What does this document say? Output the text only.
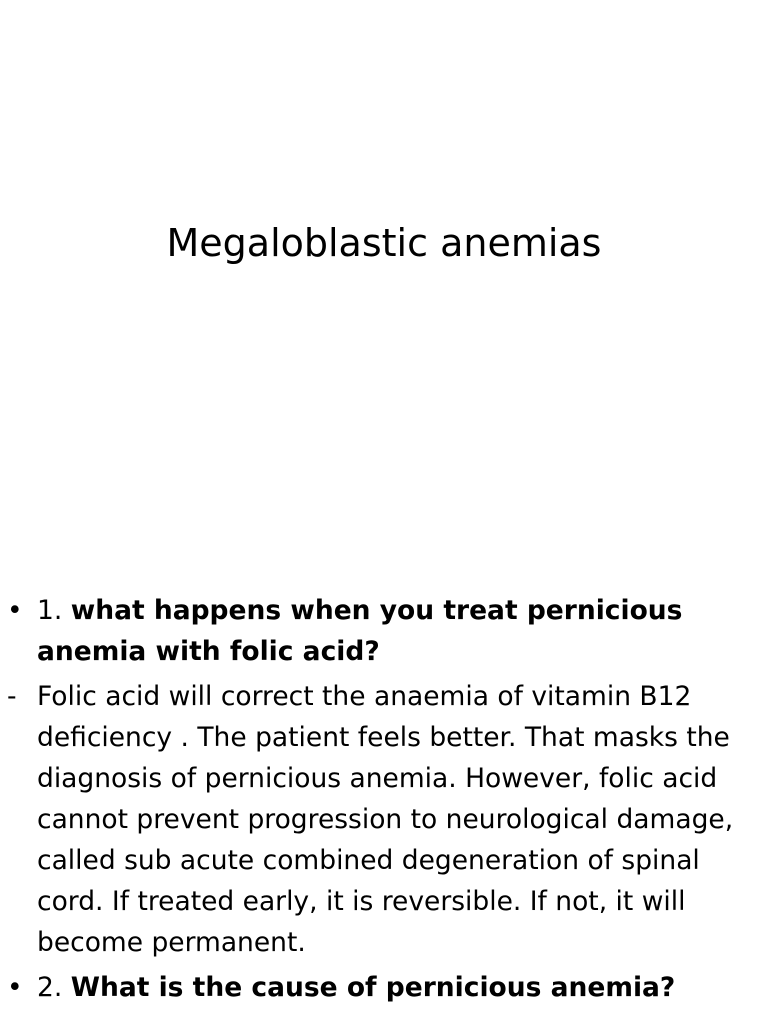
Megaloblastic anemias

• 1. what happens when you treat pernicious anemia with folic acid?

- Folic acid will correct the anaemia of vitamin B12 deficiency . The patient feels better. That masks the diagnosis of pernicious anemia. However, folic acid cannot prevent progression to neurological damage, called sub acute combined degeneration of spinal cord. If treated early, it is reversible. If not, it will become permanent.

• 2. What is the cause of pernicious anemia?
